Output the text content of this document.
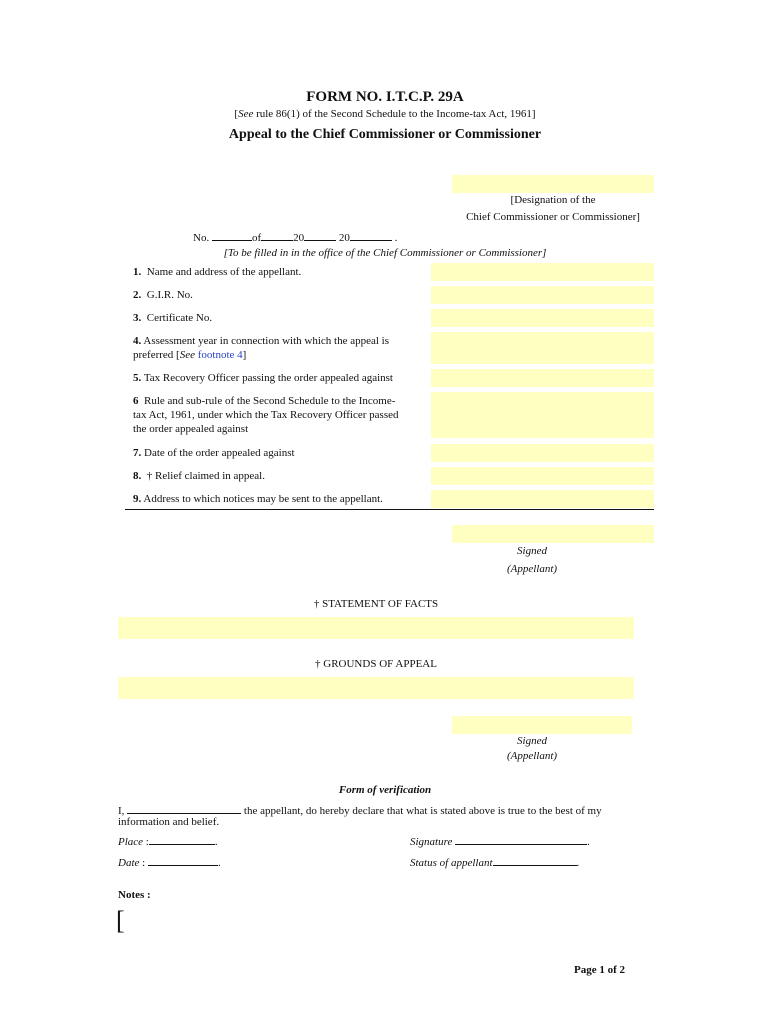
FORM NO. I.T.C.P. 29A
[See rule 86(1) of the Second Schedule to the Income-tax Act, 1961]
Appeal to the Chief Commissioner or Commissioner
[Designation of the
Chief Commissioner or Commissioner]
No.	of	20	20	.
[To be filled in in the office of the Chief Commissioner or Commissioner]
1. Name and address of the appellant.
2. G.I.R. No.
3. Certificate No.
4. Assessment year in connection with which the appeal is
preferred [See footnote 4]
5. Tax Recovery Officer passing the order appealed against
6 Rule and sub-rule of the Second Schedule to the Income-
tax Act, 1961, under which the Tax Recovery Officer passed
the order appealed against
7. Date of the order appealed against
8. † Relief claimed in appeal.
9. Address to which notices may be sent to the appellant.
Signed
(Appellant)
† STATEMENT OF FACTS
† GROUNDS OF APPEAL
Signed
(Appellant)
Form of verification
I,	the appellant, do hereby declare that what is stated above is true to the best of my
information and belief.
Place :	.
Date :	.
Signature	.
Status of appellant	.
Notes :
[
Page 1 of 2
